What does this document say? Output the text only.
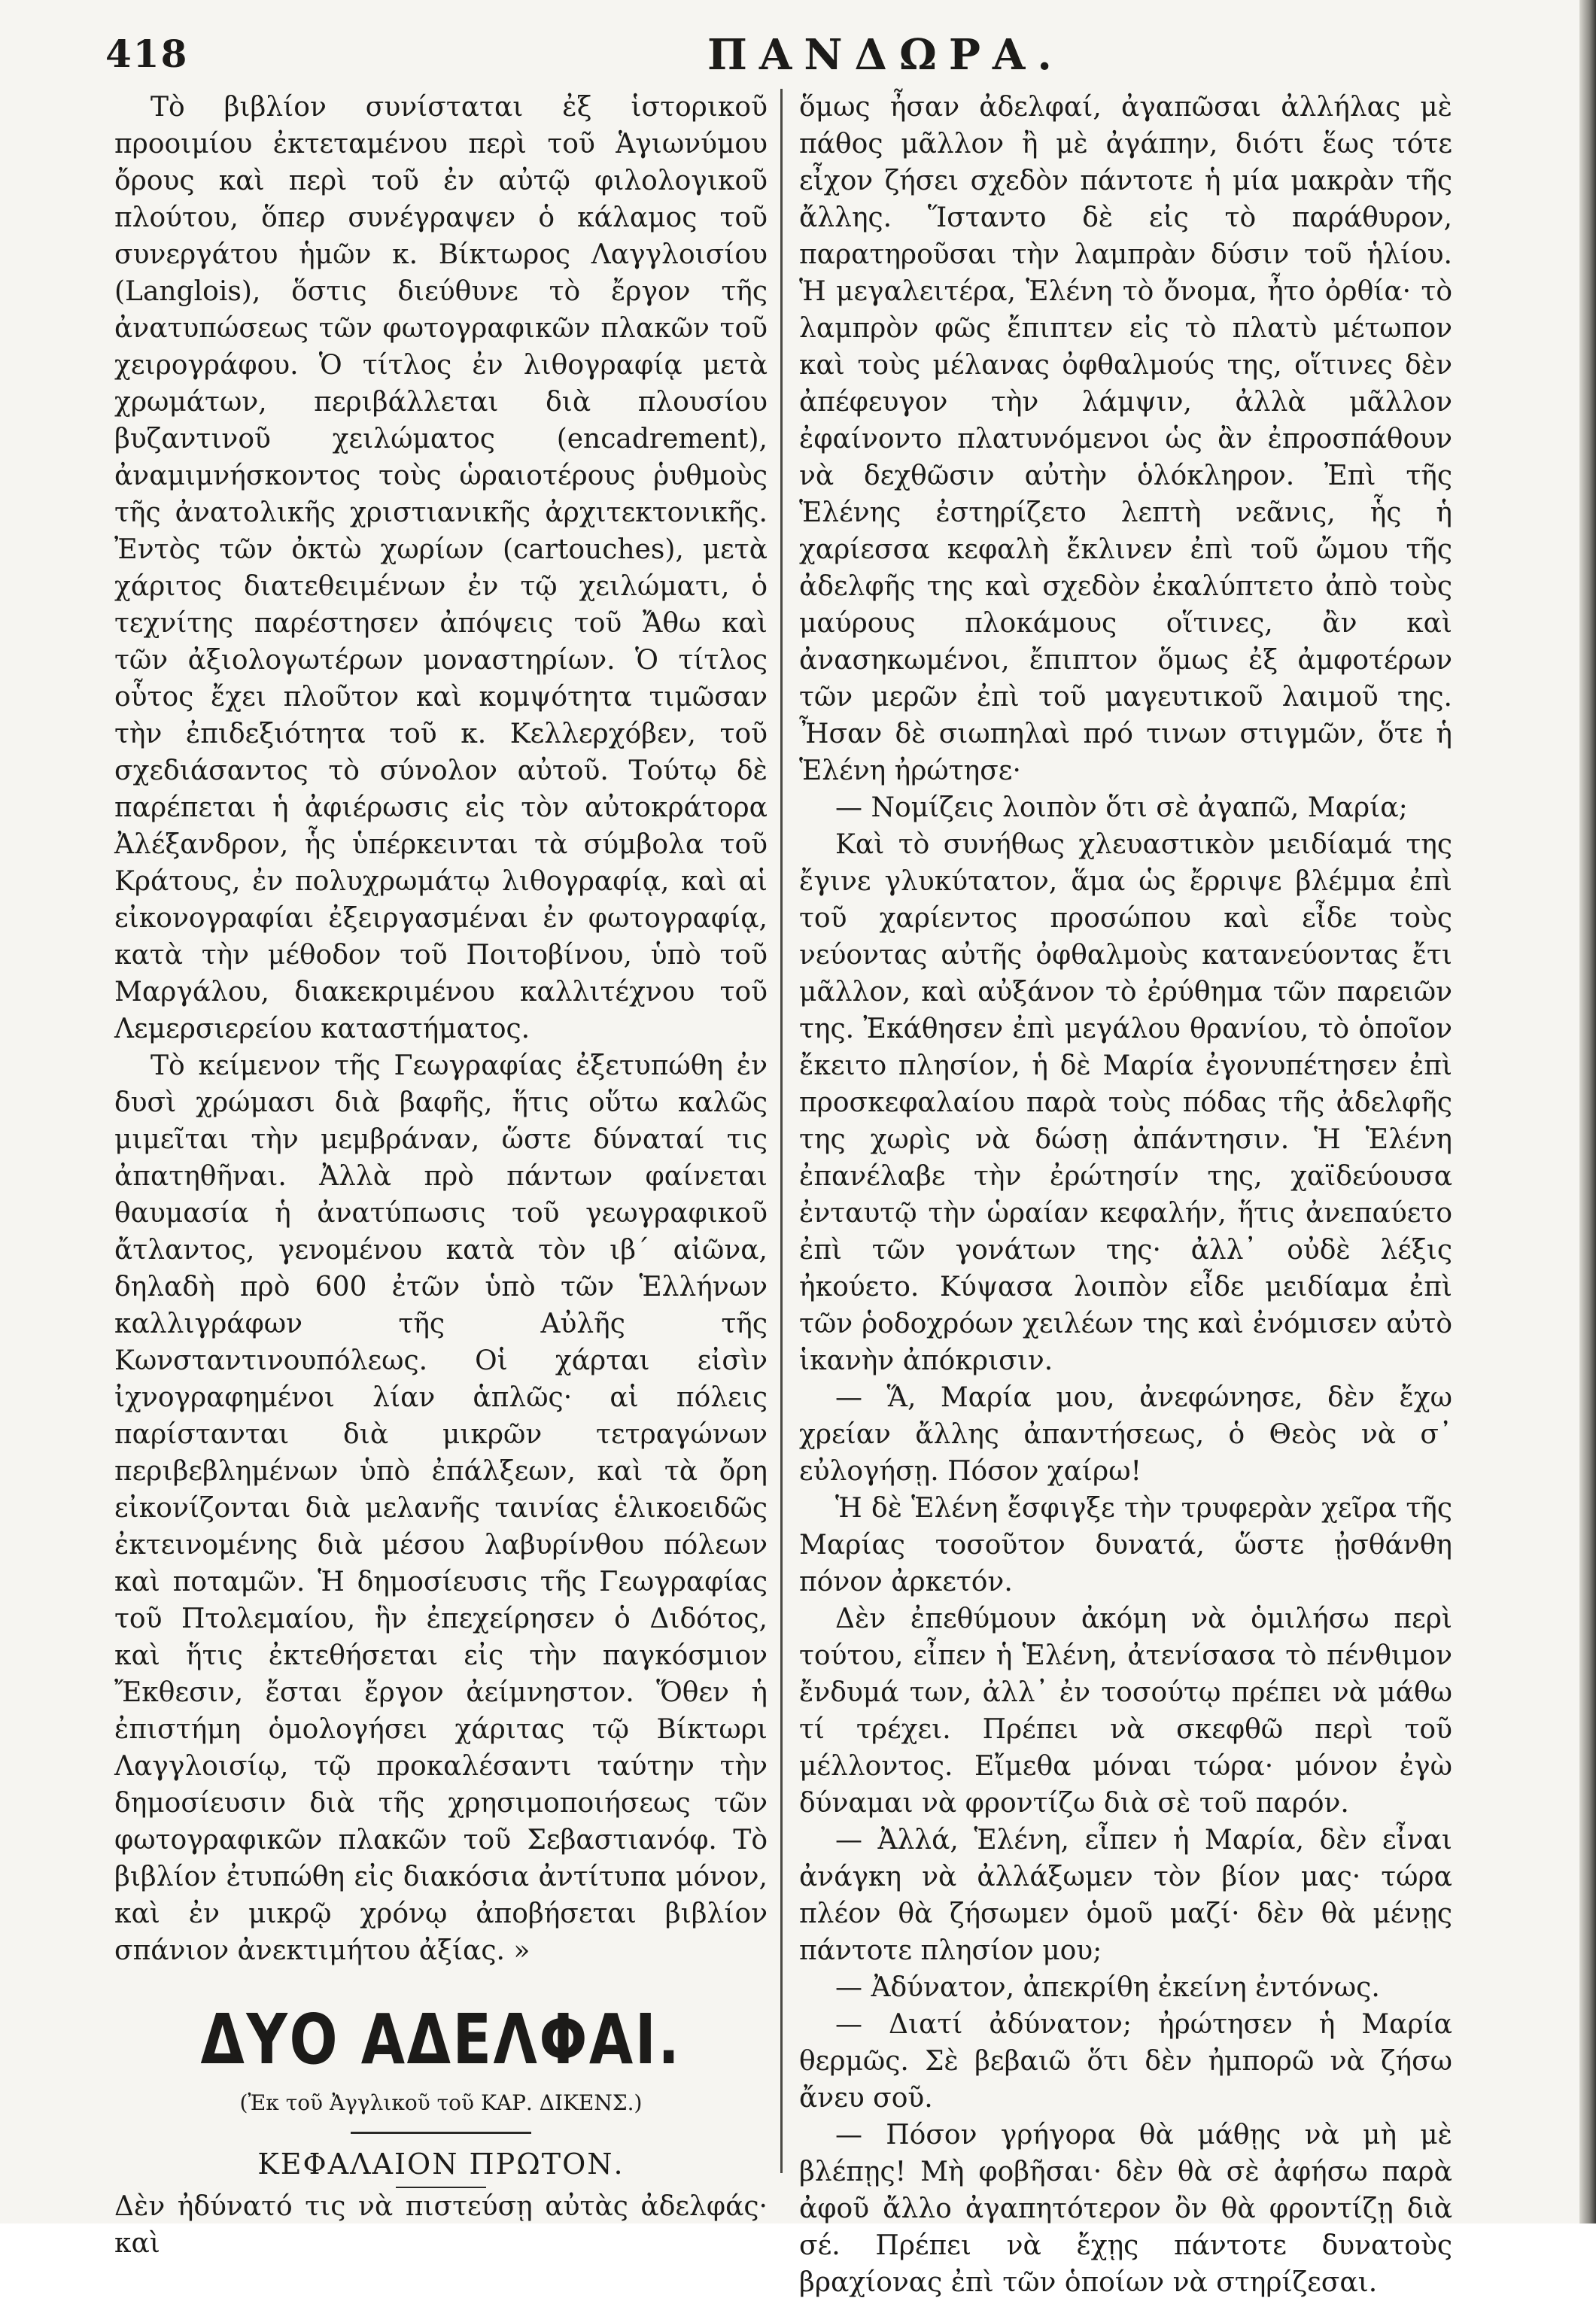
418	ΠΑΝΔΩΡΑ.

Τὸ βιβλίον συνίσταται ἐξ ἱστορικοῦ προοιμίου ἐκτεταμένου περὶ τοῦ Ἁγιωνύμου ὄρους καὶ περὶ τοῦ ἐν αὐτῷ φιλολογικοῦ πλούτου, ὅπερ συνέγραψεν ὁ κάλαμος τοῦ συνεργάτου ἡμῶν κ. Βίκτωρος Λαγγλοισίου (Langlois), ὅστις διεύθυνε τὸ ἔργον τῆς ἀνατυπώσεως τῶν φωτογραφικῶν πλακῶν τοῦ χειρογράφου. Ὁ τίτλος ἐν λιθογραφίᾳ μετὰ χρωμάτων, περιβάλλεται διὰ πλουσίου βυζαντινοῦ χειλώματος (encadrement), ἀναμιμνήσκοντος τοὺς ὡραιοτέρους ῥυθμοὺς τῆς ἀνατολικῆς χριστιανικῆς ἀρχιτεκτονικῆς. Ἐντὸς τῶν ὀκτὼ χωρίων (cartouches), μετὰ χάριτος διατεθειμένων ἐν τῷ χειλώματι, ὁ τεχνίτης παρέστησεν ἀπόψεις τοῦ Ἄθω καὶ τῶν ἀξιολογωτέρων μοναστηρίων. Ὁ τίτλος οὗτος ἔχει πλοῦτον καὶ κομψότητα τιμῶσαν τὴν ἐπιδεξιότητα τοῦ κ. Κελλερχόβεν, τοῦ σχεδιάσαντος τὸ σύνολον αὐτοῦ. Τούτῳ δὲ παρέπεται ἡ ἀφιέρωσις εἰς τὸν αὐτοκράτορα Ἀλέξανδρον, ἧς ὑπέρκεινται τὰ σύμβολα τοῦ Κράτους, ἐν πολυχρωμάτῳ λιθογραφίᾳ, καὶ αἱ εἰκονογραφίαι ἐξειργασμέναι ἐν φωτογραφίᾳ, κατὰ τὴν μέθοδον τοῦ Ποιτοβίνου, ὑπὸ τοῦ Μαργάλου, διακεκριμένου καλλιτέχνου τοῦ Λεμερσιερείου καταστήματος.

Τὸ κείμενον τῆς Γεωγραφίας ἐξετυπώθη ἐν δυσὶ χρώμασι διὰ βαφῆς, ἥτις οὕτω καλῶς μιμεῖται τὴν μεμβράναν, ὥστε δύναταί τις ἀπατηθῆναι. Ἀλλὰ πρὸ πάντων φαίνεται θαυμασία ἡ ἀνατύπωσις τοῦ γεωγραφικοῦ ἄτλαντος, γενομένου κατὰ τὸν ιβ΄ αἰῶνα, δηλαδὴ πρὸ 600 ἐτῶν ὑπὸ τῶν Ἑλλήνων καλλιγράφων τῆς Αὐλῆς τῆς Κωνσταντινουπόλεως. Οἱ χάρται εἰσὶν ἰχνογραφημένοι λίαν ἁπλῶς· αἱ πόλεις παρίστανται διὰ μικρῶν τετραγώνων περιβεβλημένων ὑπὸ ἐπάλξεων, καὶ τὰ ὄρη εἰκονίζονται διὰ μελανῆς ταινίας ἑλικοειδῶς ἐκτεινομένης διὰ μέσου λαβυρίνθου πόλεων καὶ ποταμῶν. Ἡ δημοσίευσις τῆς Γεωγραφίας τοῦ Πτολεμαίου, ἣν ἐπεχείρησεν ὁ Διδότος, καὶ ἥτις ἐκτεθήσεται εἰς τὴν παγκόσμιον Ἔκθεσιν, ἔσται ἔργον ἀείμνηστον. Ὅθεν ἡ ἐπιστήμη ὁμολογήσει χάριτας τῷ Βίκτωρι Λαγγλοισίῳ, τῷ προκαλέσαντι ταύτην τὴν δημοσίευσιν διὰ τῆς χρησιμοποιήσεως τῶν φωτογραφικῶν πλακῶν τοῦ Σεβαστιανόφ. Τὸ βιβλίον ἐτυπώθη εἰς διακόσια ἀντίτυπα μόνον, καὶ ἐν μικρῷ χρόνῳ ἀποβήσεται βιβλίον σπάνιον ἀνεκτιμήτου ἀξίας. »

ΔΥΟ ΑΔΕΛΦΑΙ.
(Ἐκ τοῦ Ἀγγλικοῦ τοῦ ΚΑΡ. ΔΙΚΕΝΣ.)
ΚΕΦΑΛΑΙΟΝ ΠΡΩΤΟΝ.

Δὲν ἠδύνατό τις νὰ πιστεύσῃ αὐτὰς ἀδελφάς· καὶ

ὅμως ἦσαν ἀδελφαί, ἀγαπῶσαι ἀλλήλας μὲ πάθος μᾶλλον ἢ μὲ ἀγάπην, διότι ἕως τότε εἶχον ζήσει σχεδὸν πάντοτε ἡ μία μακρὰν τῆς ἄλλης. Ἵσταντο δὲ εἰς τὸ παράθυρον, παρατηροῦσαι τὴν λαμπρὰν δύσιν τοῦ ἡλίου. Ἡ μεγαλειτέρα, Ἑλένη τὸ ὄνομα, ἦτο ὀρθία· τὸ λαμπρὸν φῶς ἔπιπτεν εἰς τὸ πλατὺ μέτωπον καὶ τοὺς μέλανας ὀφθαλμούς της, οἵτινες δὲν ἀπέφευγον τὴν λάμψιν, ἀλλὰ μᾶλλον ἐφαίνοντο πλατυνόμενοι ὡς ἂν ἐπροσπάθουν νὰ δεχθῶσιν αὐτὴν ὁλόκληρον. Ἐπὶ τῆς Ἑλένης ἐστηρίζετο λεπτὴ νεᾶνις, ἧς ἡ χαρίεσσα κεφαλὴ ἔκλινεν ἐπὶ τοῦ ὤμου τῆς ἀδελφῆς της καὶ σχεδὸν ἐκαλύπτετο ἀπὸ τοὺς μαύρους πλοκάμους οἵτινες, ἂν καὶ ἀνασηκωμένοι, ἔπιπτον ὅμως ἐξ ἀμφοτέρων τῶν μερῶν ἐπὶ τοῦ μαγευτικοῦ λαιμοῦ της. Ἦσαν δὲ σιωπηλαὶ πρό τινων στιγμῶν, ὅτε ἡ Ἑλένη ἠρώτησε·

— Νομίζεις λοιπὸν ὅτι σὲ ἀγαπῶ, Μαρία;

Καὶ τὸ συνήθως χλευαστικὸν μειδίαμά της ἔγινε γλυκύτατον, ἅμα ὡς ἔρριψε βλέμμα ἐπὶ τοῦ χαρίεντος προσώπου καὶ εἶδε τοὺς νεύοντας αὐτῆς ὀφθαλμοὺς κατανεύοντας ἔτι μᾶλλον, καὶ αὐξάνον τὸ ἐρύθημα τῶν παρειῶν της. Ἐκάθησεν ἐπὶ μεγάλου θρανίου, τὸ ὁποῖον ἔκειτο πλησίον, ἡ δὲ Μαρία ἐγονυπέτησεν ἐπὶ προσκεφαλαίου παρὰ τοὺς πόδας τῆς ἀδελφῆς της χωρὶς νὰ δώσῃ ἀπάντησιν. Ἡ Ἑλένη ἐπανέλαβε τὴν ἐρώτησίν της, χαϊδεύουσα ἐνταυτῷ τὴν ὡραίαν κεφαλήν, ἥτις ἀνεπαύετο ἐπὶ τῶν γονάτων της· ἀλλ᾽ οὐδὲ λέξις ἠκούετο. Κύψασα λοιπὸν εἶδε μειδίαμα ἐπὶ τῶν ῥοδοχρόων χειλέων της καὶ ἐνόμισεν αὐτὸ ἱκανὴν ἀπόκρισιν.

— Ἅ, Μαρία μου, ἀνεφώνησε, δὲν ἔχω χρείαν ἄλλης ἀπαντήσεως, ὁ Θεὸς νὰ σ᾽ εὐλογήσῃ. Πόσον χαίρω!

Ἡ δὲ Ἑλένη ἔσφιγξε τὴν τρυφερὰν χεῖρα τῆς Μαρίας τοσοῦτον δυνατά, ὥστε ᾐσθάνθη πόνον ἀρκετόν.

Δὲν ἐπεθύμουν ἀκόμη νὰ ὁμιλήσω περὶ τούτου, εἶπεν ἡ Ἑλένη, ἀτενίσασα τὸ πένθιμον ἔνδυμά των, ἀλλ᾽ ἐν τοσούτῳ πρέπει νὰ μάθω τί τρέχει. Πρέπει νὰ σκεφθῶ περὶ τοῦ μέλλοντος. Εἴμεθα μόναι τώρα· μόνον ἐγὼ δύναμαι νὰ φροντίζω διὰ σὲ τοῦ παρόν.

— Ἀλλά, Ἑλένη, εἶπεν ἡ Μαρία, δὲν εἶναι ἀνάγκη νὰ ἀλλάξωμεν τὸν βίον μας· τώρα πλέον θὰ ζήσωμεν ὁμοῦ μαζί· δὲν θὰ μένῃς πάντοτε πλησίον μου;

— Ἀδύνατον, ἀπεκρίθη ἐκείνη ἐντόνως.

— Διατί ἀδύνατον; ἠρώτησεν ἡ Μαρία θερμῶς. Σὲ βεβαιῶ ὅτι δὲν ἠμπορῶ νὰ ζήσω ἄνευ σοῦ.

— Πόσον γρήγορα θὰ μάθῃς νὰ μὴ μὲ βλέπῃς! Μὴ φοβῆσαι· δὲν θὰ σὲ ἀφήσω παρὰ ἀφοῦ ἄλλο ἀγαπητότερον ὂν θὰ φροντίζῃ διὰ σέ. Πρέπει νὰ ἔχῃς πάντοτε δυνατοὺς βραχίονας ἐπὶ τῶν ὁποίων νὰ στηρίζεσαι.
